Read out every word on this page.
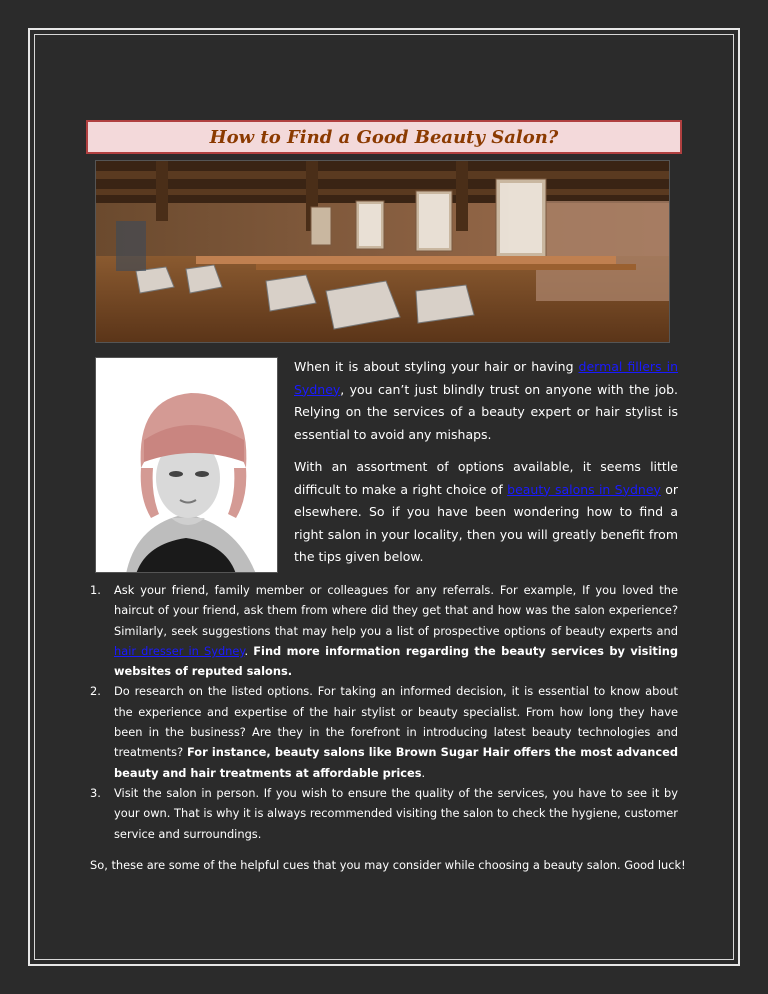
How to Find a Good Beauty Salon?

When it is about styling your hair or having dermal fillers in Sydney, you can’t just blindly trust on anyone with the job. Relying on the services of a beauty expert or hair stylist is essential to avoid any mishaps.

With an assortment of options available, it seems little difficult to make a right choice of beauty salons in Sydney or elsewhere. So if you have been wondering how to find a right salon in your locality, then you will greatly benefit from the tips given below.

1. Ask your friend, family member or colleagues for any referrals. For example, If you loved the haircut of your friend, ask them from where did they get that and how was the salon experience? Similarly, seek suggestions that may help you a list of prospective options of beauty experts and hair dresser in Sydney. Find more information regarding the beauty services by visiting websites of reputed salons.
2. Do research on the listed options. For taking an informed decision, it is essential to know about the experience and expertise of the hair stylist or beauty specialist. From how long they have been in the business? Are they in the forefront in introducing latest beauty technologies and treatments? For instance, beauty salons like Brown Sugar Hair offers the most advanced beauty and hair treatments at affordable prices.
3. Visit the salon in person. If you wish to ensure the quality of the services, you have to see it by your own. That is why it is always recommended visiting the salon to check the hygiene, customer service and surroundings.

So, these are some of the helpful cues that you may consider while choosing a beauty salon. Good luck!
